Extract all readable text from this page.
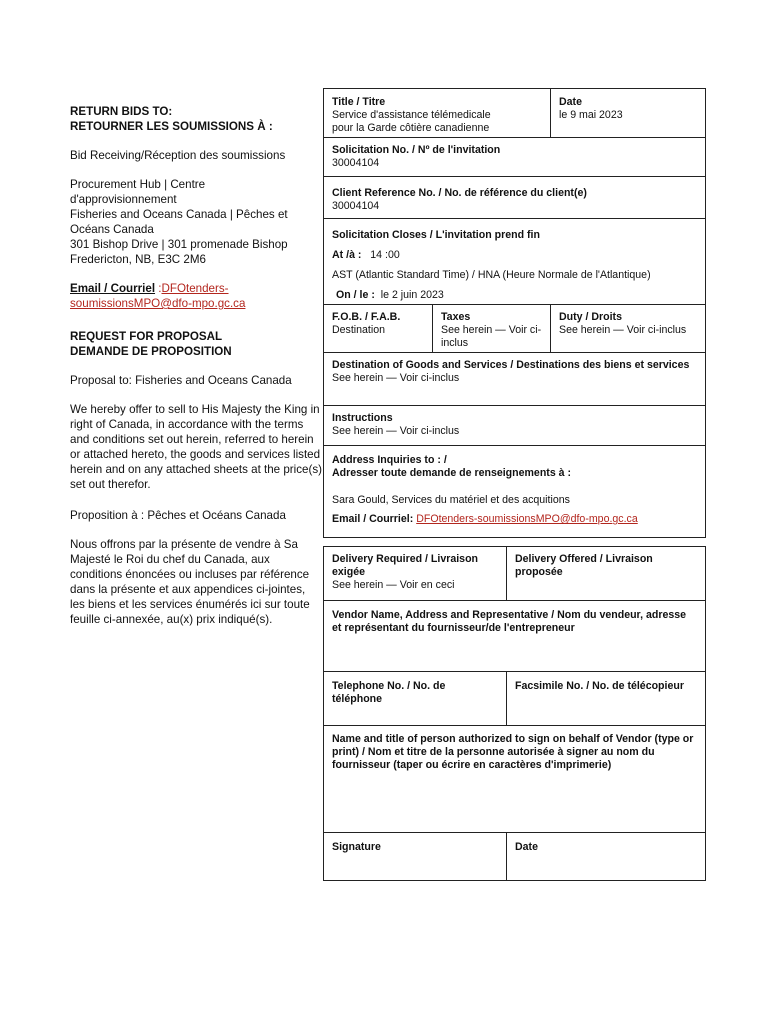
RETURN BIDS TO:
RETOURNER LES SOUMISSIONS À :

Bid Receiving/Réception des soumissions

Procurement Hub | Centre
d'approvisionnement
Fisheries and Oceans Canada | Pêches et
Océans Canada
301 Bishop Drive | 301 promenade Bishop
Fredericton, NB, E3C 2M6

Email / Courriel :DFOtenders-
soumissionsMPO@dfo-mpo.gc.ca

REQUEST FOR PROPOSAL
DEMANDE DE PROPOSITION

Proposal to: Fisheries and Oceans Canada

We hereby offer to sell to His Majesty the King in right of Canada, in accordance with the terms and conditions set out herein, referred to herein or attached hereto, the goods and services listed herein and on any attached sheets at the price(s) set out therefor.

Proposition à : Pêches et Océans Canada

Nous offrons par la présente de vendre à Sa Majesté le Roi du chef du Canada, aux conditions énoncées ou incluses par référence dans la présente et aux appendices ci-jointes, les biens et les services énumérés ici sur toute feuille ci-annexée, au(x) prix indiqué(s).

Title / Titre
Service d'assistance télémedicale
pour la Garde côtière canadienne
Date
le 9 mai 2023
Solicitation No. / Nº de l'invitation
30004104
Client Reference No. / No. de référence du client(e)
30004104
Solicitation Closes / L'invitation prend fin
At /à : 14 :00
AST (Atlantic Standard Time) / HNA (Heure Normale de l'Atlantique)
On / le : le 2 juin 2023
F.O.B. / F.A.B.
Destination
Taxes
See herein — Voir ci-inclus
Duty / Droits
See herein — Voir ci-inclus
Destination of Goods and Services / Destinations des biens et services
See herein — Voir ci-inclus
Instructions
See herein — Voir ci-inclus
Address Inquiries to : /
Adresser toute demande de renseignements à :
Sara Gould, Services du matériel et des acquitions
Email / Courriel: DFOtenders-soumissionsMPO@dfo-mpo.gc.ca
Delivery Required / Livraison exigée
See herein — Voir en ceci
Delivery Offered / Livraison proposée
Vendor Name, Address and Representative / Nom du vendeur, adresse et représentant du fournisseur/de l'entrepreneur
Telephone No. / No. de téléphone
Facsimile No. / No. de télécopieur
Name and title of person authorized to sign on behalf of Vendor (type or print) / Nom et titre de la personne autorisée à signer au nom du fournisseur (taper ou écrire en caractères d'imprimerie)
Signature	Date
